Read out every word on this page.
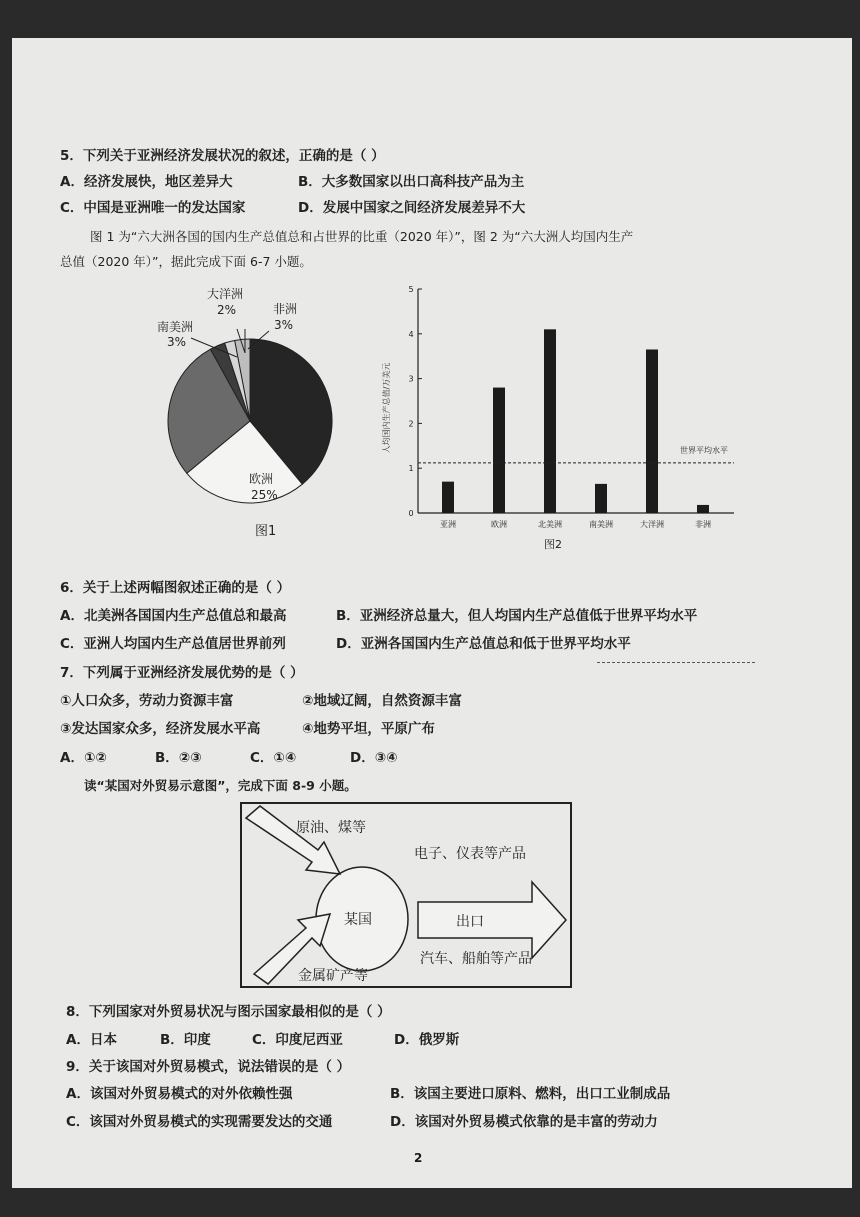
5．下列关于亚洲经济发展状况的叙述，正确的是（ ）
A．经济发展快，地区差异大	B．大多数国家以出口高科技产品为主
C．中国是亚洲唯一的发达国家	D．发展中国家之间经济发展差异不大
图 1 为“六大洲各国的国内生产总值总和占世界的比重（2020 年）”，图 2 为“六大洲人均国内生产
总值（2020 年）”，据此完成下面 6-7 小题。
大洋洲
2%	非洲
3%
南美洲
3%
欧洲
25%
图1
人均国内生产总值/万美元
0
1
2
3
4
5
亚洲	欧洲	北美洲	南美洲	大洋洲	非洲
世界平均水平
图2
6．关于上述两幅图叙述正确的是（ ）
A．北美洲各国国内生产总值总和最高	B．亚洲经济总量大，但人均国内生产总值低于世界平均水平
C．亚洲人均国内生产总值居世界前列	D．亚洲各国国内生产总值总和低于世界平均水平
7．下列属于亚洲经济发展优势的是（ ）
①人口众多，劳动力资源丰富	②地域辽阔，自然资源丰富
③发达国家众多，经济发展水平高	④地势平坦，平原广布
A．①②	B．②③	C．①④	D．③④
读“某国对外贸易示意图”，完成下面 8-9 小题。
原油、煤等
金属矿产等
某国	出口
电子、仪表等产品
汽车、船舶等产品
8．下列国家对外贸易状况与图示国家最相似的是（ ）
A．日本	B．印度	C．印度尼西亚	D．俄罗斯
9．关于该国对外贸易模式，说法错误的是（ ）
A．该国对外贸易模式的对外依赖性强	B．该国主要进口原料、燃料，出口工业制成品
C．该国对外贸易模式的实现需要发达的交通	D．该国对外贸易模式依靠的是丰富的劳动力
2
